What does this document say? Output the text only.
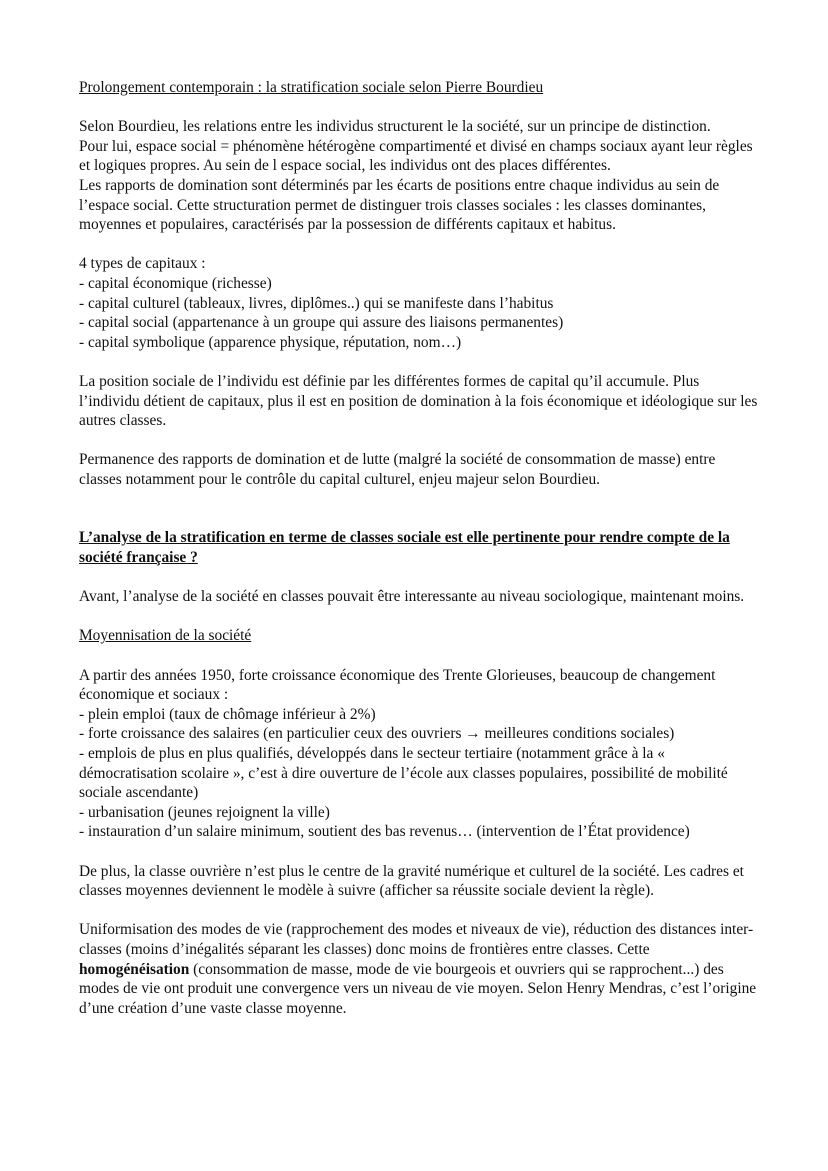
Prolongement contemporain : la stratification sociale selon Pierre Bourdieu

Selon Bourdieu, les relations entre les individus structurent le la société, sur un principe de distinction.

Pour lui, espace social = phénomène hétérogène compartimenté et divisé en champs sociaux ayant leur règles et logiques propres. Au sein de l espace social, les individus ont des places différentes.

Les rapports de domination sont déterminés par les écarts de positions entre chaque individus au sein de l’espace social. Cette structuration permet de distinguer trois classes sociales : les classes dominantes, moyennes et populaires, caractérisés par la possession de différents capitaux et habitus.

4 types de capitaux :

- capital économique (richesse)

- capital culturel (tableaux, livres, diplômes..) qui se manifeste dans l’habitus

- capital social (appartenance à un groupe qui assure des liaisons permanentes)

- capital symbolique (apparence physique, réputation, nom…)

La position sociale de l’individu est définie par les différentes formes de capital qu’il accumule. Plus l’individu détient de capitaux, plus il est en position de domination à la fois économique et idéologique sur les autres classes.

Permanence des rapports de domination et de lutte (malgré la société de consommation de masse) entre classes notamment pour le contrôle du capital culturel, enjeu majeur selon Bourdieu.

L’analyse de la stratification en terme de classes sociale est elle pertinente pour rendre compte de la société française ?

Avant, l’analyse de la société en classes pouvait être interessante au niveau sociologique, maintenant moins.

Moyennisation de la société

A partir des années 1950, forte croissance économique des Trente Glorieuses, beaucoup de changement économique et sociaux :

- plein emploi (taux de chômage inférieur à 2%)

- forte croissance des salaires (en particulier ceux des ouvriers → meilleures conditions sociales)

- emplois de plus en plus qualifiés, développés dans le secteur tertiaire (notamment grâce à la « démocratisation scolaire », c’est à dire ouverture de l’école aux classes populaires, possibilité de mobilité sociale ascendante)

- urbanisation (jeunes rejoignent la ville)

- instauration d’un salaire minimum, soutient des bas revenus… (intervention de l’État providence)

De plus, la classe ouvrière n’est plus le centre de la gravité numérique et culturel de la société. Les cadres et classes moyennes deviennent le modèle à suivre (afficher sa réussite sociale devient la règle).

Uniformisation des modes de vie (rapprochement des modes et niveaux de vie), réduction des distances inter-classes (moins d’inégalités séparant les classes) donc moins de frontières entre classes. Cette homogénéisation (consommation de masse, mode de vie bourgeois et ouvriers qui se rapprochent...) des modes de vie ont produit une convergence vers un niveau de vie moyen. Selon Henry Mendras, c’est l’origine d’une création d’une vaste classe moyenne.
